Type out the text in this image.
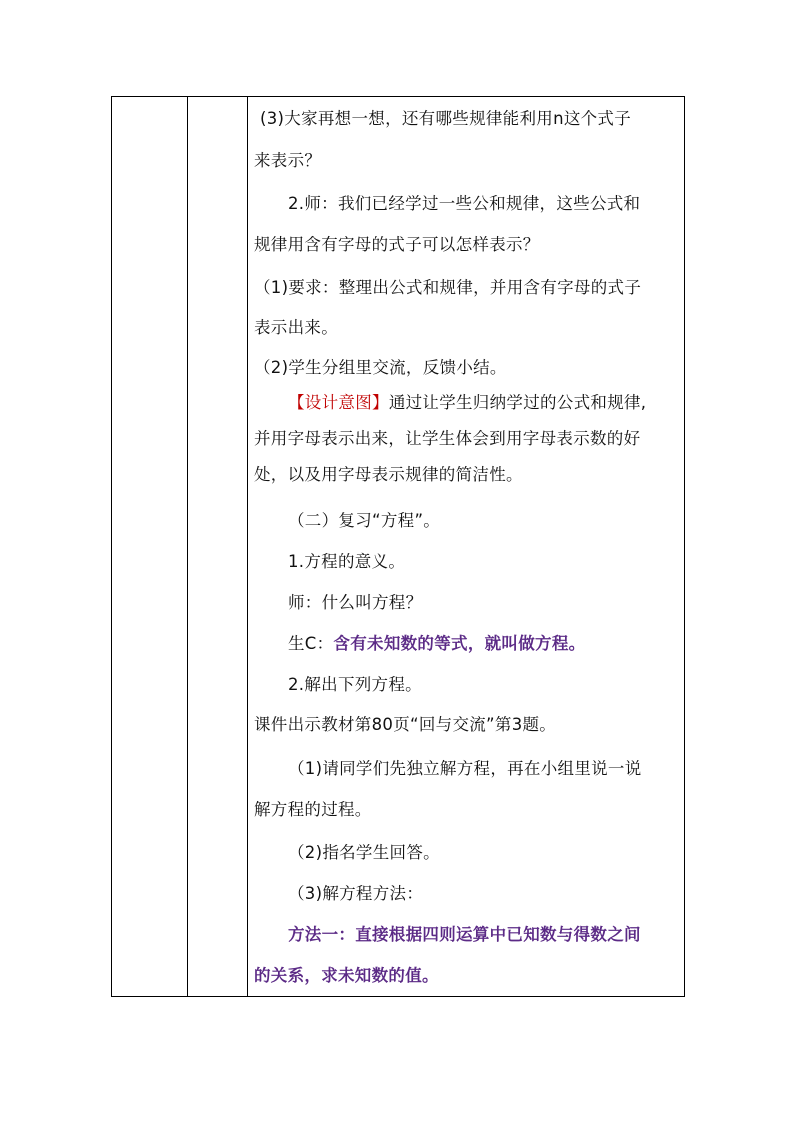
(3)大家再想一想，还有哪些规律能利用n这个式子
来表示？
2.师：我们已经学过一些公和规律，这些公式和
规律用含有字母的式子可以怎样表示？
（1)要求：整理出公式和规律，并用含有字母的式子
表示出来。
（2)学生分组里交流，反馈小结。
【设计意图】通过让学生归纳学过的公式和规律,
并用字母表示出来，让学生体会到用字母表示数的好
处，以及用字母表示规律的简洁性。
（二）复习“方程”。
1.方程的意义。
师：什么叫方程？
生C：含有未知数的等式，就叫做方程。
2.解出下列方程。
课件出示教材第80页“回与交流”第3题。
（1)请同学们先独立解方程，再在小组里说一说
解方程的过程。
（2)指名学生回答。
（3)解方程方法：
方法一：直接根据四则运算中已知数与得数之间
的关系，求未知数的值。
